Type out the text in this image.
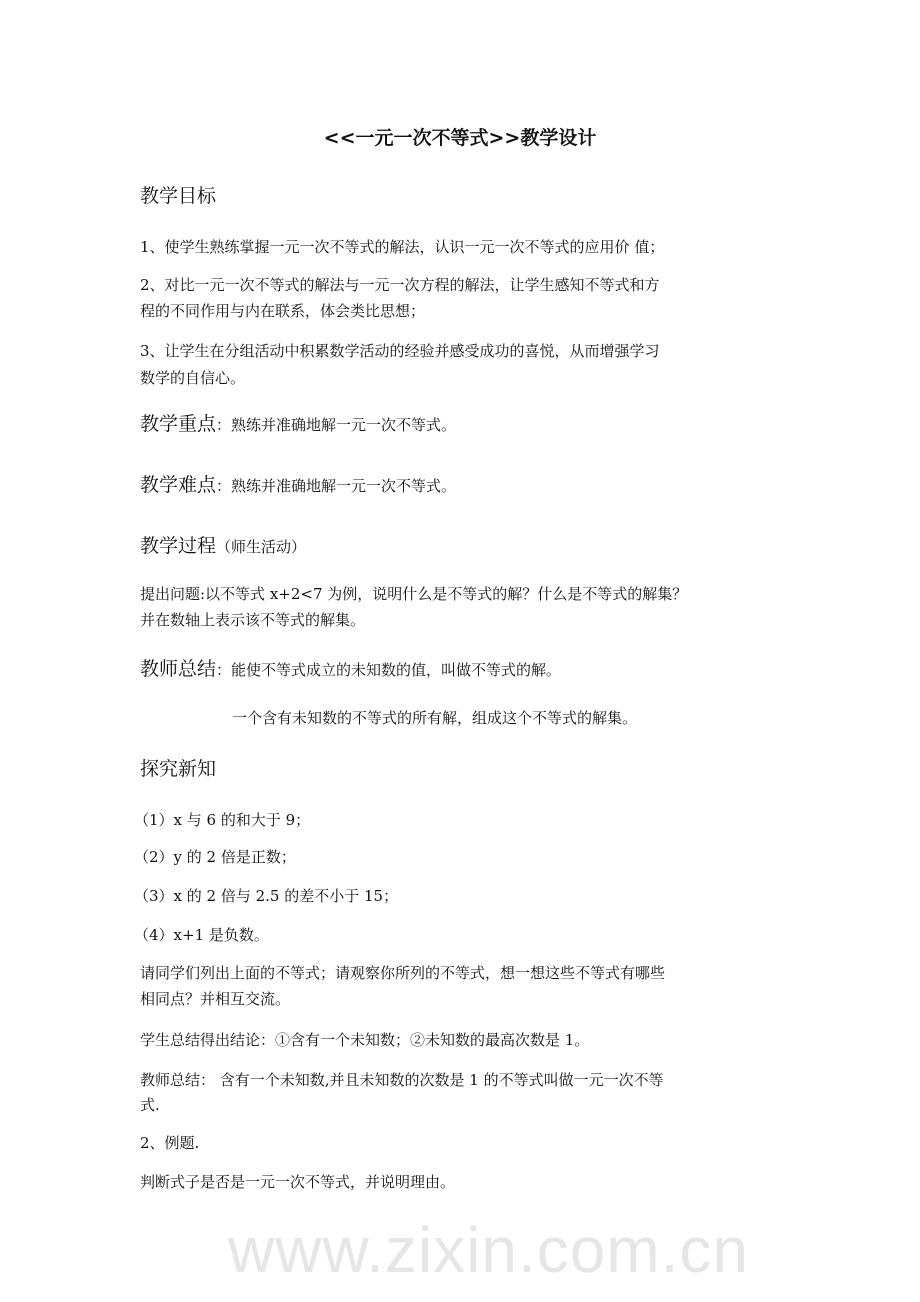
www.zixin.com.cn
<<一元一次不等式>>教学设计
教学目标
1、使学生熟练掌握一元一次不等式的解法，认识一元一次不等式的应用价 值；
2、对比一元一次不等式的解法与一元一次方程的解法，让学生感知不等式和方
程的不同作用与内在联系，体会类比思想；
3、让学生在分组活动中积累数学活动的经验并感受成功的喜悦，从而增强学习
数学的自信心。
教学重点：熟练并准确地解一元一次不等式。
教学难点：熟练并准确地解一元一次不等式。
教学过程（师生活动）
提出问题:以不等式 x+2<7 为例，说明什么是不等式的解？什么是不等式的解集？
并在数轴上表示该不等式的解集。
教师总结：能使不等式成立的未知数的值，叫做不等式的解。
一个含有未知数的不等式的所有解，组成这个不等式的解集。
探究新知
（1）x 与 6 的和大于 9；
（2）y 的 2 倍是正数；
（3）x 的 2 倍与 2.5 的差不小于 15；
（4）x+1 是负数。
请同学们列出上面的不等式；请观察你所列的不等式，想一想这些不等式有哪些
相同点？并相互交流。
学生总结得出结论：①含有一个未知数；②未知数的最高次数是 1。
教师总结： 含有一个未知数,并且未知数的次数是 1 的不等式叫做一元一次不等
式.
2、例题.
判断式子是否是一元一次不等式，并说明理由。
